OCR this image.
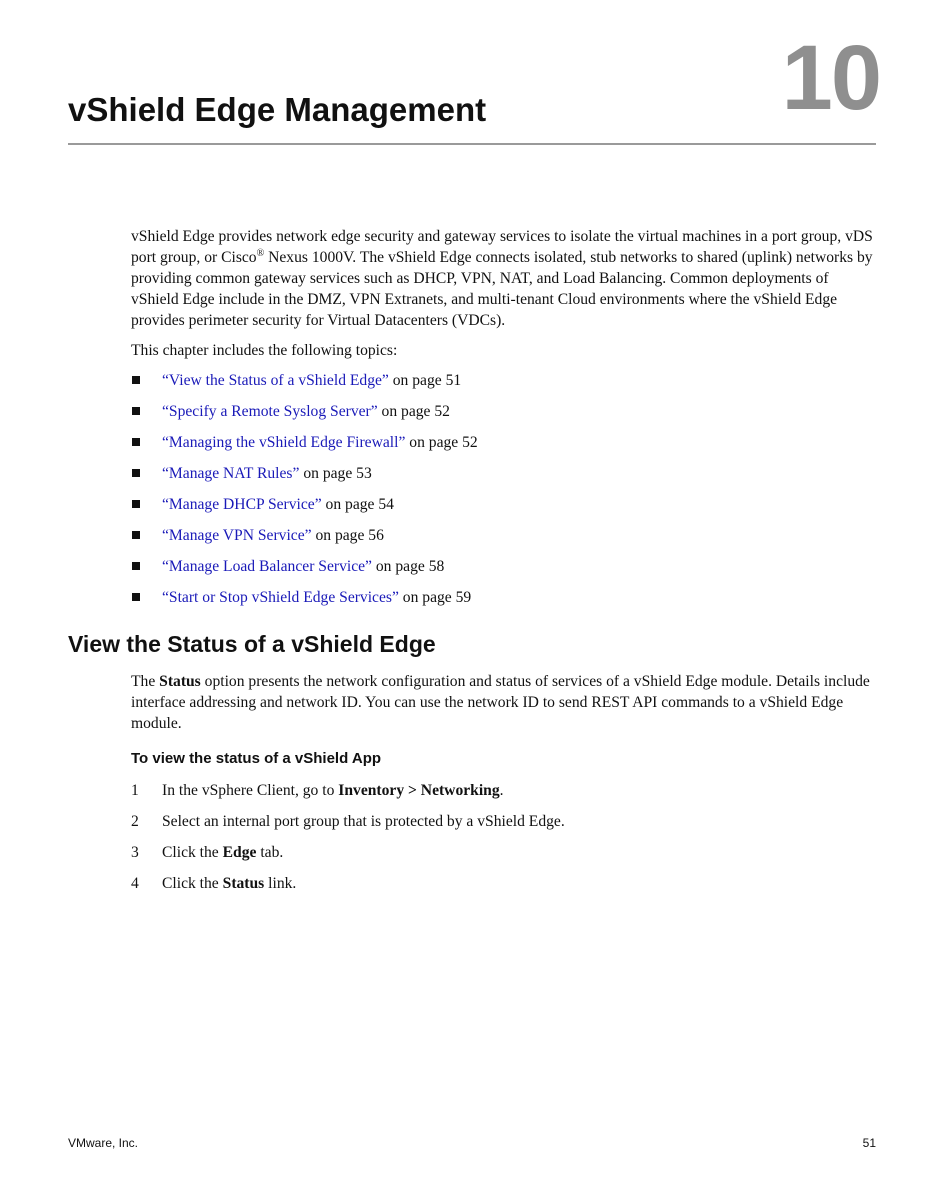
10
vShield Edge Management

vShield Edge provides network edge security and gateway services to isolate the virtual machines in a port group, vDS port group, or Cisco® Nexus 1000V. The vShield Edge connects isolated, stub networks to shared (uplink) networks by providing common gateway services such as DHCP, VPN, NAT, and Load Balancing. Common deployments of vShield Edge include in the DMZ, VPN Extranets, and multi-tenant Cloud environments where the vShield Edge provides perimeter security for Virtual Datacenters (VDCs).

This chapter includes the following topics:

“View the Status of a vShield Edge” on page 51
“Specify a Remote Syslog Server” on page 52
“Managing the vShield Edge Firewall” on page 52
“Manage NAT Rules” on page 53
“Manage DHCP Service” on page 54
“Manage VPN Service” on page 56
“Manage Load Balancer Service” on page 58
“Start or Stop vShield Edge Services” on page 59
View the Status of a vShield Edge

The Status option presents the network configuration and status of services of a vShield Edge module. Details include interface addressing and network ID. You can use the network ID to send REST API commands to a vShield Edge module.

To view the status of a vShield App
1 In the vSphere Client, go to Inventory > Networking.
2 Select an internal port group that is protected by a vShield Edge.
3 Click the Edge tab.
4 Click the Status link.
VMware, Inc.	51
